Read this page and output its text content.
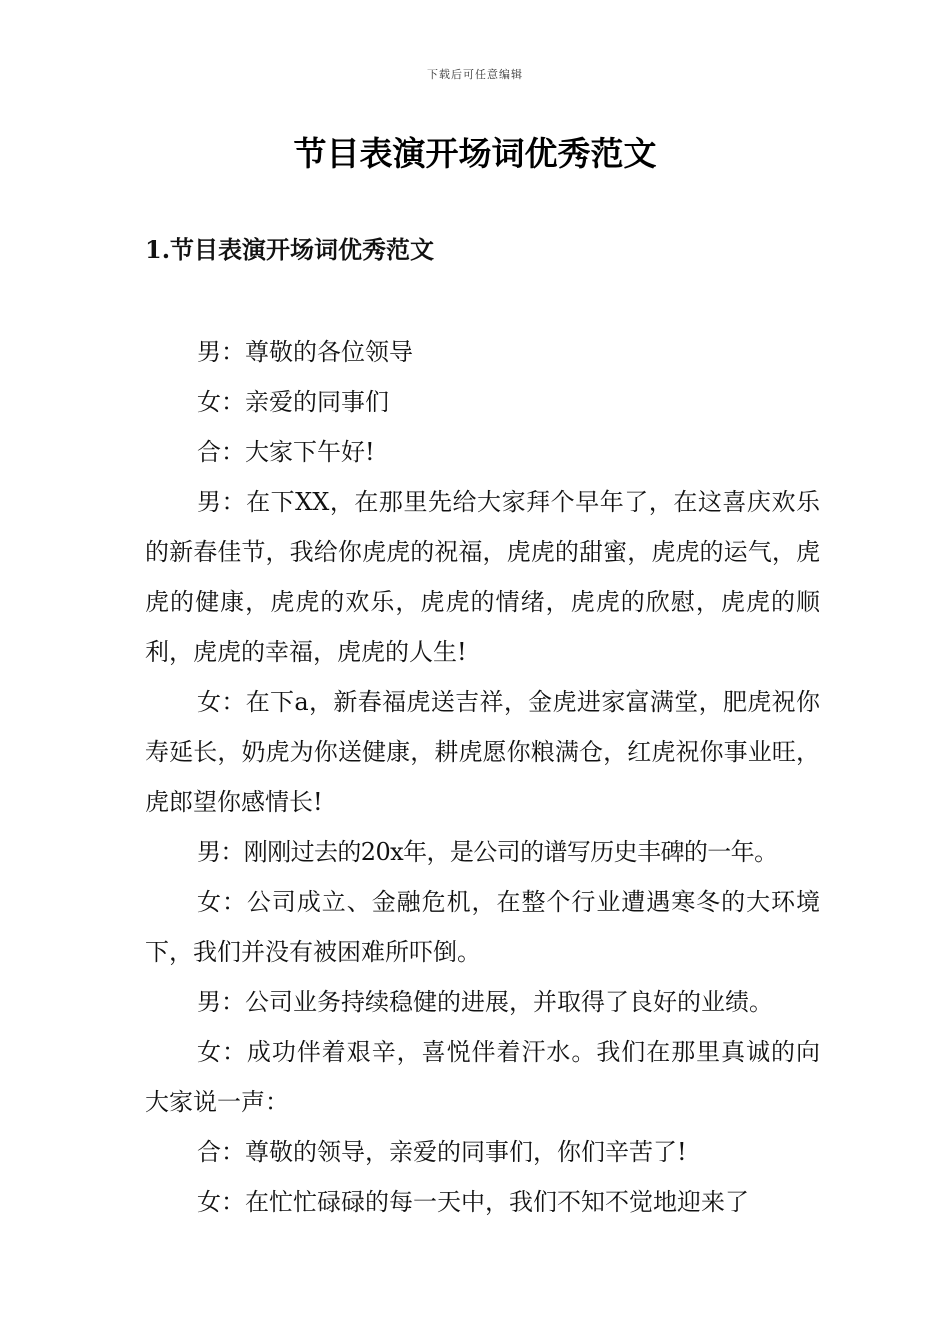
下载后可任意编辑
节目表演开场词优秀范文
1.节目表演开场词优秀范文

男：尊敬的各位领导

女：亲爱的同事们

合：大家下午好!

男：在下XX，在那里先给大家拜个早年了，在这喜庆欢乐的新春佳节，我给你虎虎的祝福，虎虎的甜蜜，虎虎的运气，虎虎的健康，虎虎的欢乐，虎虎的情绪，虎虎的欣慰，虎虎的顺利，虎虎的幸福，虎虎的人生!

女：在下a，新春福虎送吉祥，金虎进家富满堂，肥虎祝你寿延长，奶虎为你送健康，耕虎愿你粮满仓，红虎祝你事业旺，虎郎望你感情长!

男：刚刚过去的20x年，是公司的谱写历史丰碑的一年。

女：公司成立、金融危机，在整个行业遭遇寒冬的大环境下，我们并没有被困难所吓倒。

男：公司业务持续稳健的进展，并取得了良好的业绩。

女：成功伴着艰辛，喜悦伴着汗水。我们在那里真诚的向大家说一声：

合：尊敬的领导，亲爱的同事们，你们辛苦了!

女：在忙忙碌碌的每一天中，我们不知不觉地迎来了
